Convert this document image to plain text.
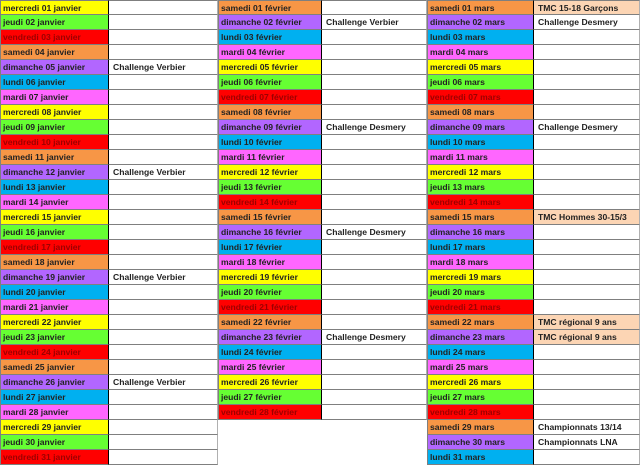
mercredi 01 janvier
jeudi 02 janvier
vendredi 03 janvier
samedi 04 janvier
dimanche 05 janvier	Challenge Verbier
lundi 06 janvier
mardi 07 janvier
mercredi 08 janvier
jeudi 09 janvier
vendredi 10 janvier
samedi 11 janvier
dimanche 12 janvier	Challenge Verbier
lundi 13 janvier
mardi 14 janvier
mercredi 15 janvier
jeudi 16 janvier
vendredi 17 janvier
samedi 18 janvier
dimanche 19 janvier	Challenge Verbier
lundi 20 janvier
mardi 21 janvier
mercredi 22 janvier
jeudi 23 janvier
vendredi 24 janvier
samedi 25 janvier
dimanche 26 janvier	Challenge Verbier
lundi 27 janvier
mardi 28 janvier
mercredi 29 janvier
jeudi 30 janvier
vendredi 31 janvier
samedi 01 février
dimanche 02 février	Challenge Verbier
lundi 03 février
mardi 04 février
mercredi 05 février
jeudi 06 février
vendredi 07 février
samedi 08 février
dimanche 09 février	Challenge Desmery
lundi 10 février
mardi 11 février
mercredi 12 février
jeudi 13 février
vendredi 14 février
samedi 15 février
dimanche 16 février	Challenge Desmery
lundi 17 février
mardi 18 février
mercredi 19 février
jeudi 20 février
vendredi 21 février
samedi 22 février
dimanche 23 février	Challenge Desmery
lundi 24 février
mardi 25 février
mercredi 26 février
jeudi 27 février
vendredi 28 février
samedi 01 mars	TMC 15-18 Garçons
dimanche 02 mars	Challenge Desmery
lundi 03 mars
mardi 04 mars
mercredi 05 mars
jeudi 06 mars
vendredi 07 mars
samedi 08 mars
dimanche 09 mars	Challenge Desmery
lundi 10 mars
mardi 11 mars
mercredi 12 mars
jeudi 13 mars
vendredi 14 mars
samedi 15 mars	TMC Hommes 30-15/3
dimanche 16 mars
lundi 17 mars
mardi 18 mars
mercredi 19 mars
jeudi 20 mars
vendredi 21 mars
samedi 22 mars	TMC régional 9 ans
dimanche 23 mars	TMC régional 9 ans
lundi 24 mars
mardi 25 mars
mercredi 26 mars
jeudi 27 mars
vendredi 28 mars
samedi 29 mars	Championnats 13/14
dimanche 30 mars	Championnats LNA
lundi 31 mars
